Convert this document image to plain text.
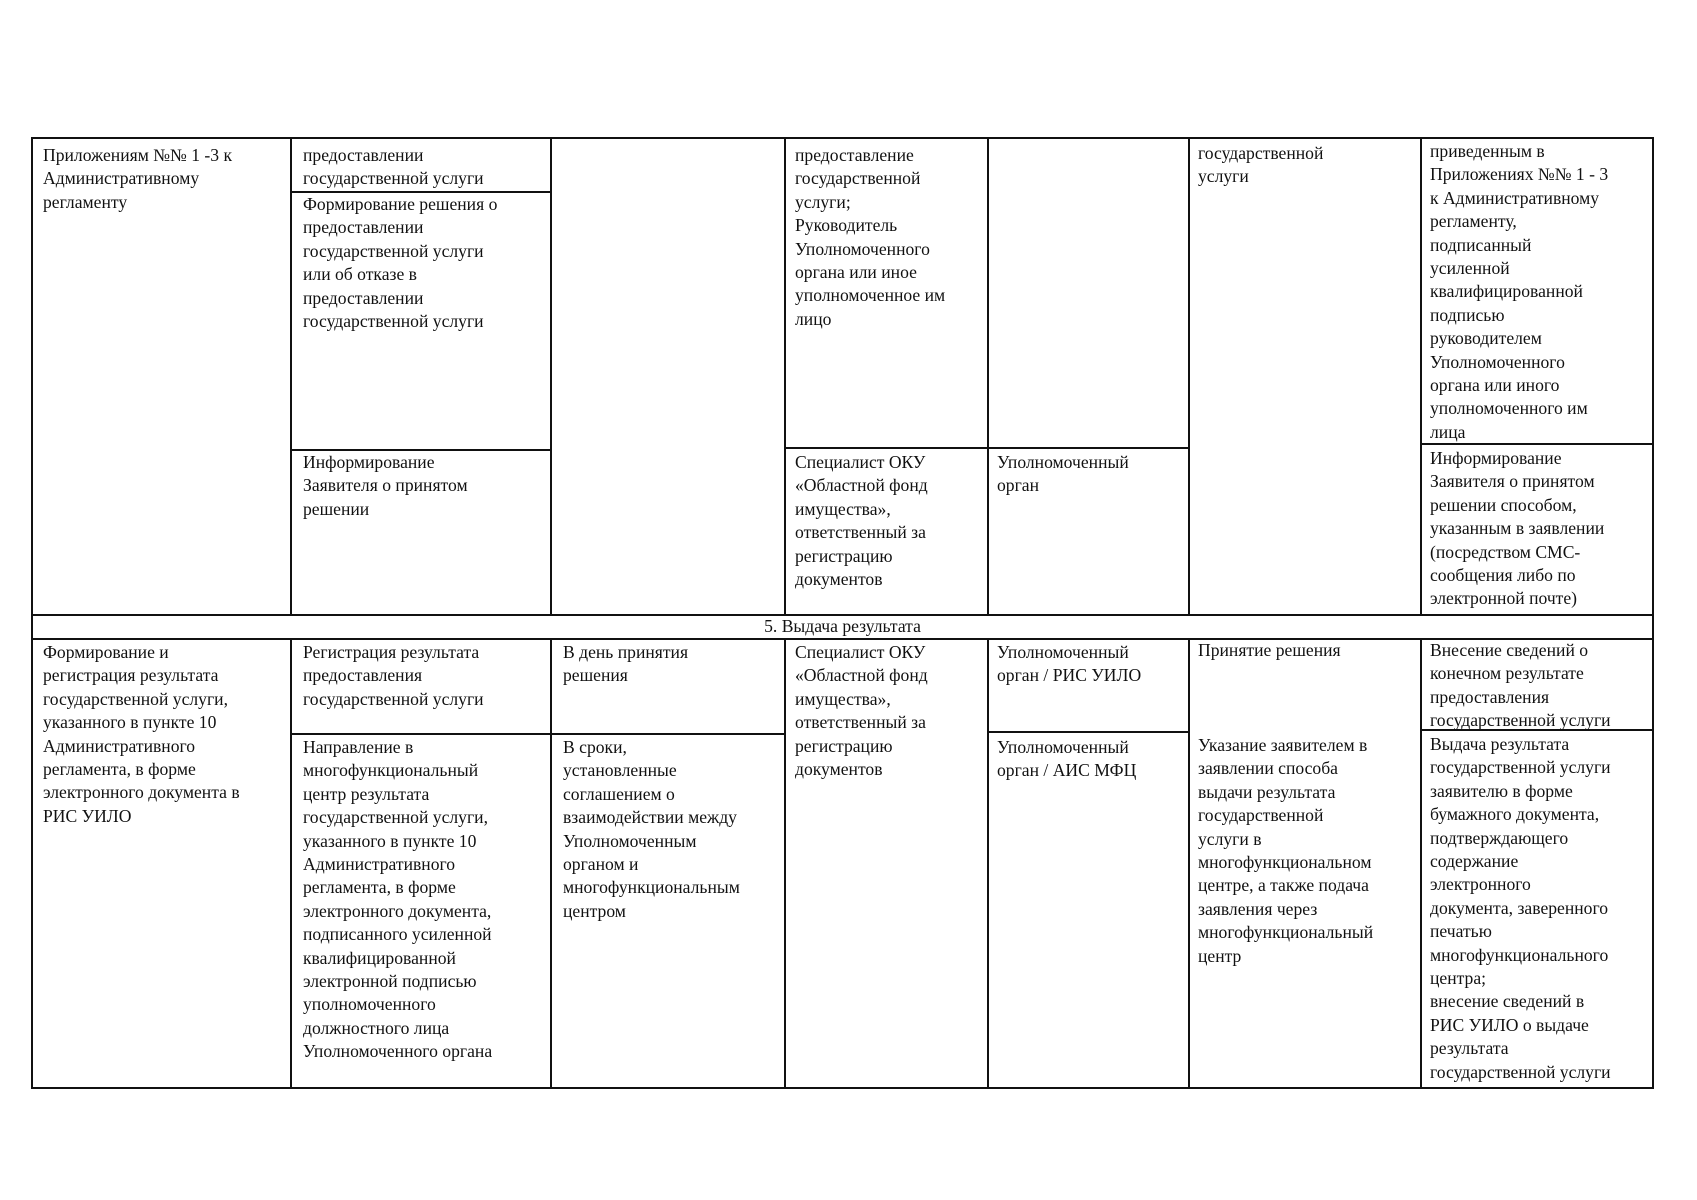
Приложениям №№ 1 -3 к
Административному
регламенту
предоставлении
государственной услуги
Формирование решения о
предоставлении
государственной услуги
или об отказе в
предоставлении
государственной услуги
Информирование
Заявителя о принятом
решении
предоставление
государственной
услуги;
Руководитель
Уполномоченного
органа или иное
уполномоченное им
лицо
Специалист ОКУ
«Областной фонд
имущества»,
ответственный за
регистрацию
документов
Уполномоченный
орган
государственной
услуги
приведенным в
Приложениях №№ 1 - 3
к Административному
регламенту,
подписанный
усиленной
квалифицированной
подписью
руководителем
Уполномоченного
органа или иного
уполномоченного им
лица
Информирование
Заявителя о принятом
решении способом,
указанным в заявлении
(посредством СМС-
сообщения либо по
электронной почте)
5. Выдача результата
Формирование и
регистрация результата
государственной услуги,
указанного в пункте 10
Административного
регламента, в форме
электронного документа в
РИС УИЛО
Регистрация результата
предоставления
государственной услуги
В день принятия
решения
Специалист ОКУ
«Областной фонд
имущества»,
ответственный за
регистрацию
документов
Уполномоченный
орган / РИС УИЛО
Принятие решения	Внесение сведений о
конечном результате
предоставления
государственной услуги
Направление в
многофункциональный
центр результата
государственной услуги,
указанного в пункте 10
Административного
регламента, в форме
электронного документа,
подписанного усиленной
квалифицированной
электронной подписью
уполномоченного
должностного лица
Уполномоченного органа
В сроки,
установленные
соглашением о
взаимодействии между
Уполномоченным
органом и
многофункциональным
центром
Уполномоченный
орган / АИС МФЦ
Указание заявителем в
заявлении способа
выдачи результата
государственной
услуги в
многофункциональном
центре, а также подача
заявления через
многофункциональный
центр
Выдача результата
государственной услуги
заявителю в форме
бумажного документа,
подтверждающего
содержание
электронного
документа, заверенного
печатью
многофункционального
центра;
внесение сведений в
РИС УИЛО о выдаче
результата
государственной услуги
